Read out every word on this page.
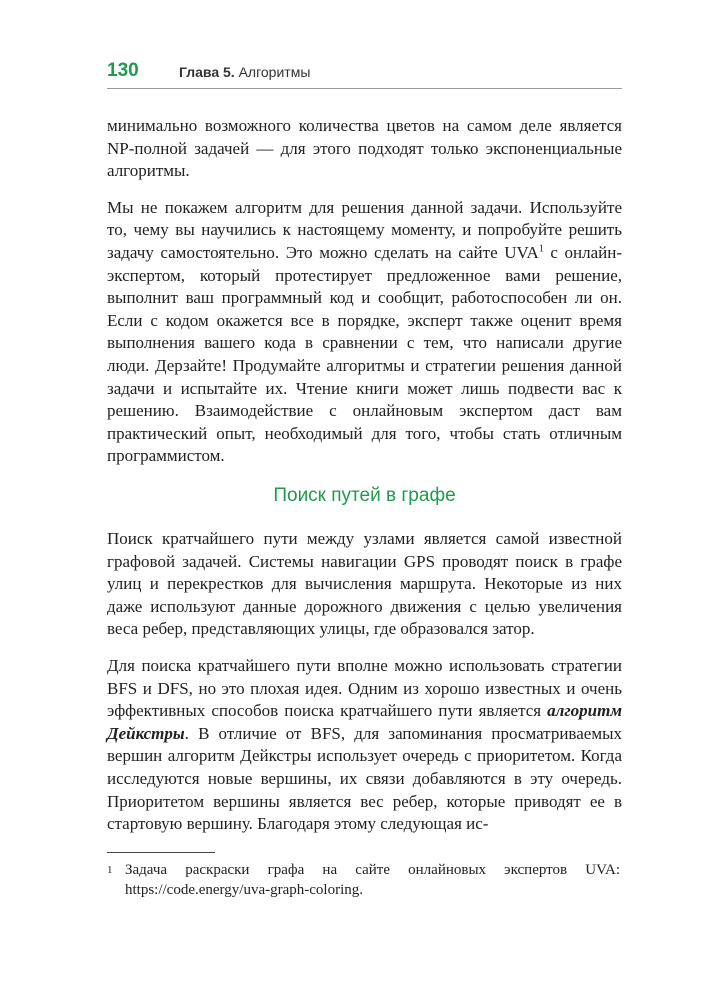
130	Глава 5. Алгоритмы

минимально возможного количества цветов на самом деле является NP-полной задачей — для этого подходят только экспоненциальные алгоритмы.

Мы не покажем алгоритм для решения данной задачи. Используйте то, чему вы научились к настоящему моменту, и попробуйте решить задачу самостоятельно. Это можно сделать на сайте UVA$^1$ с онлайн-экспертом, который протестирует предложенное вами решение, выполнит ваш программный код и сообщит, работоспособен ли он. Если с кодом окажется все в порядке, эксперт также оценит время выполнения вашего кода в сравнении с тем, что написали другие люди. Дерзайте! Продумайте алгоритмы и стратегии решения данной задачи и испытайте их. Чтение книги может лишь подвести вас к решению. Взаимодействие с онлайновым экспертом даст вам практический опыт, необходимый для того, чтобы стать отличным программистом.

Поиск путей в графе

Поиск кратчайшего пути между узлами является самой известной графовой задачей. Системы навигации GPS проводят поиск в графе улиц и перекрестков для вычисления маршрута. Некоторые из них даже используют данные дорожного движения с целью увеличения веса ребер, представляющих улицы, где образовался затор.

Для поиска кратчайшего пути вполне можно использовать стратегии BFS и DFS, но это плохая идея. Одним из хорошо известных и очень эффективных способов поиска кратчайшего пути является алгоритм Дейкстры. В отличие от BFS, для запоминания просматриваемых вершин алгоритм Дейкстры использует очередь с приоритетом. Когда исследуются новые вершины, их связи добавляются в эту очередь. Приоритетом вершины является вес ребер, которые приводят ее в стартовую вершину. Благодаря этому следующая ис-

1 Задача раскраски графа на сайте онлайновых экспертов UVA: https://code.energy/uva-graph-coloring.
